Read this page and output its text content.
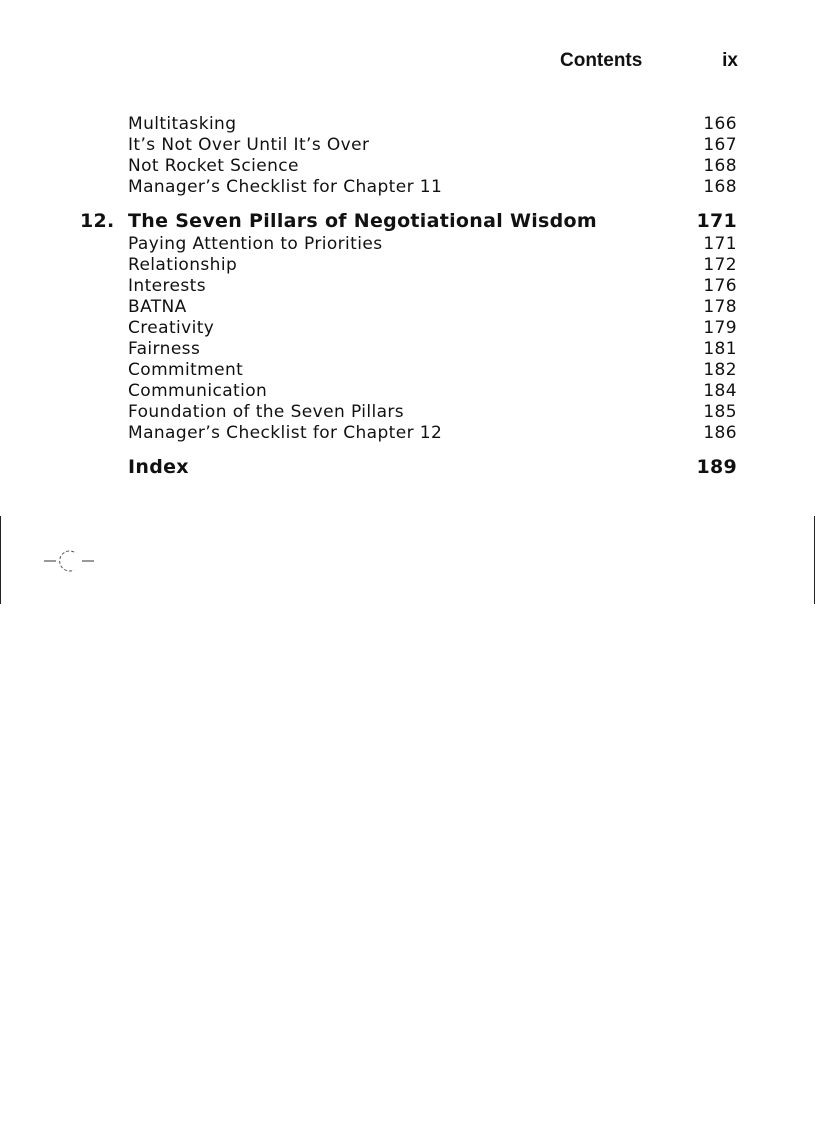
Contents	ix
Multitasking	166
It’s Not Over Until It’s Over	167
Not Rocket Science	168
Manager’s Checklist for Chapter 11	168
12. The Seven Pillars of Negotiational Wisdom	171
Paying Attention to Priorities	171
Relationship	172
Interests	176
BATNA	178
Creativity	179
Fairness	181
Commitment	182
Communication	184
Foundation of the Seven Pillars	185
Manager’s Checklist for Chapter 12	186
Index	189
